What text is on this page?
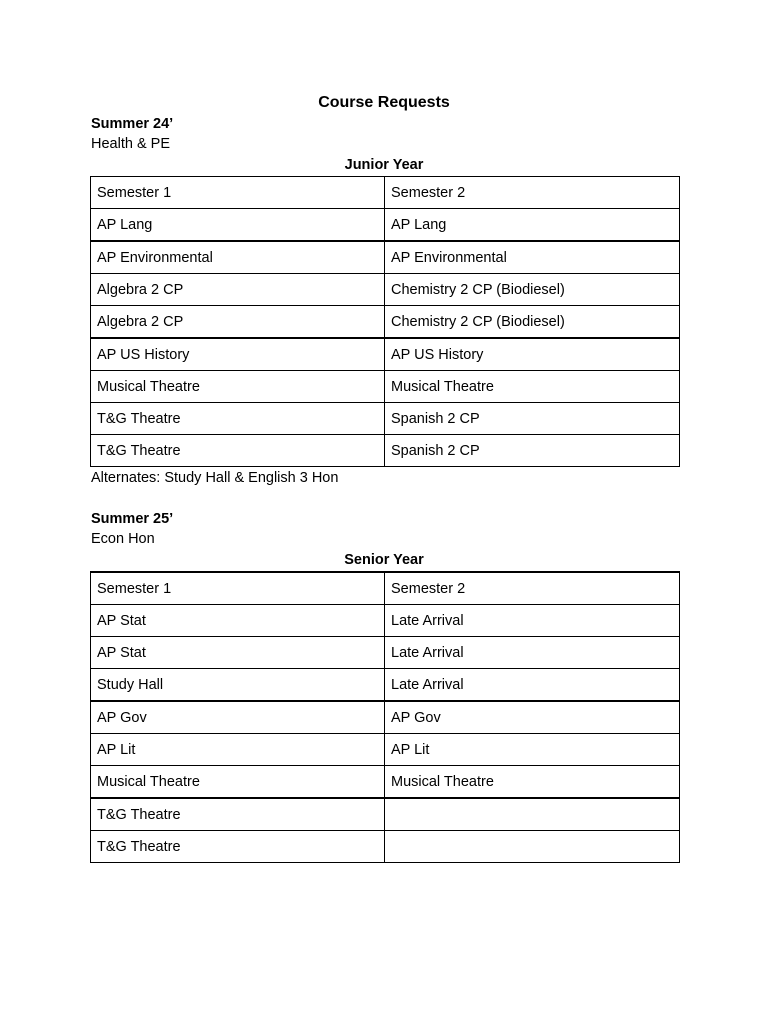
Course Requests
Summer 24’
Health & PE
Junior Year
Semester 1	Semester 2
AP Lang	AP Lang
AP Environmental	AP Environmental
Algebra 2 CP	Chemistry 2 CP (Biodiesel)
Algebra 2 CP	Chemistry 2 CP (Biodiesel)
AP US History	AP US History
Musical Theatre	Musical Theatre
T&G Theatre	Spanish 2 CP
T&G Theatre	Spanish 2 CP
Alternates: Study Hall & English 3 Hon
Summer 25’
Econ Hon
Senior Year
Semester 1	Semester 2
AP Stat	Late Arrival
AP Stat	Late Arrival
Study Hall	Late Arrival
AP Gov	AP Gov
AP Lit	AP Lit
Musical Theatre	Musical Theatre
T&G Theatre	
T&G Theatre	
